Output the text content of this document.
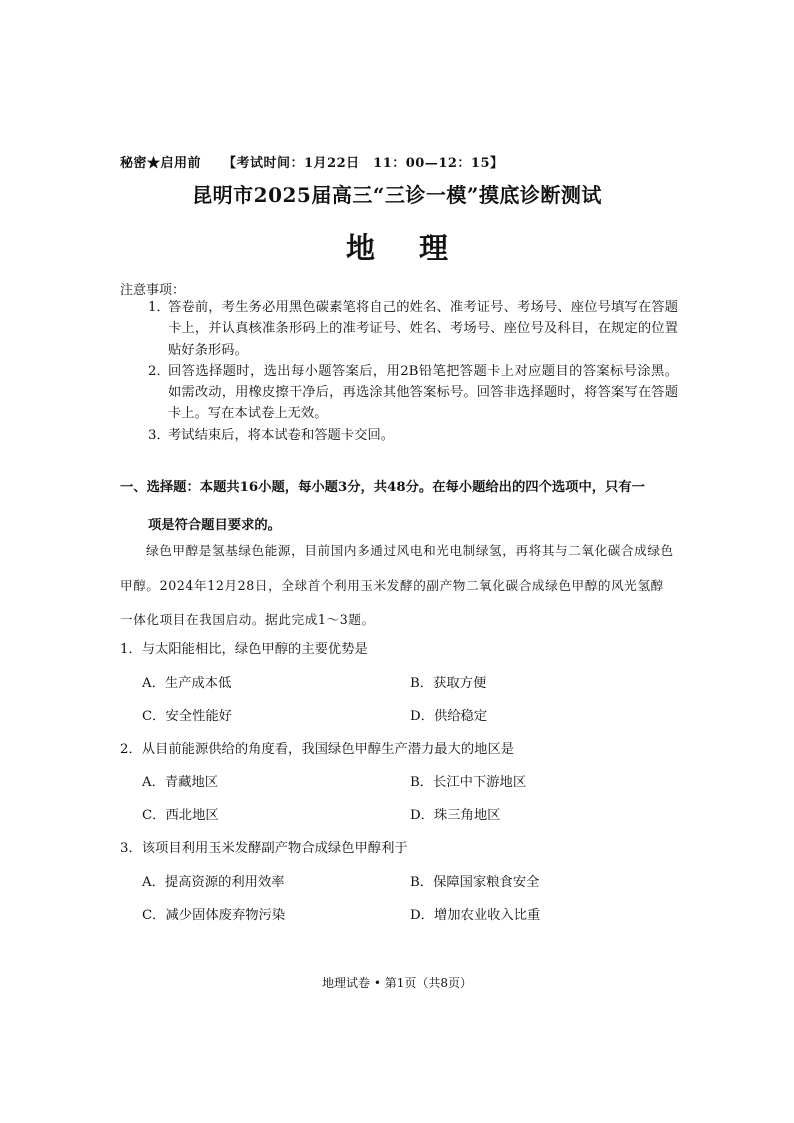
秘密★启用前 【考试时间：1月22日　11：00—12：15】
昆明市2025届高三“三诊一模”摸底诊断测试
地理
注意事项：
1．
答卷前，考生务必用黑色碳素笔将自己的姓名、准考证号、考场号、座位号填写在答题卡上，并认真核准条形码上的准考证号、姓名、考场号、座位号及科目，在规定的位置贴好条形码。
2．
回答选择题时，选出每小题答案后，用2B铅笔把答题卡上对应题目的答案标号涂黑。如需改动，用橡皮擦干净后，再选涂其他答案标号。回答非选择题时，将答案写在答题卡上。写在本试卷上无效。
3．
考试结束后，将本试卷和答题卡交回。
一、选择题：本题共16小题，每小题3分，共48分。在每小题给出的四个选项中，只有一
项是符合题目要求的。
绿色甲醇是氢基绿色能源，目前国内多通过风电和光电制绿氢，再将其与二氧化碳合成绿色甲醇。2024年12月28日，全球首个利用玉米发酵的副产物二氧化碳合成绿色甲醇的风光氢醇一体化项目在我国启动。据此完成1～3题。
1．与太阳能相比，绿色甲醇的主要优势是
A．生产成本低	B．获取方便
C．安全性能好	D．供给稳定
2．从目前能源供给的角度看，我国绿色甲醇生产潜力最大的地区是
A．青藏地区	B．长江中下游地区
C．西北地区	D．珠三角地区
3．该项目利用玉米发酵副产物合成绿色甲醇利于
A．提高资源的利用效率	B．保障国家粮食安全
C．减少固体废弃物污染	D．增加农业收入比重
地理试卷 • 第1页（共8页）
